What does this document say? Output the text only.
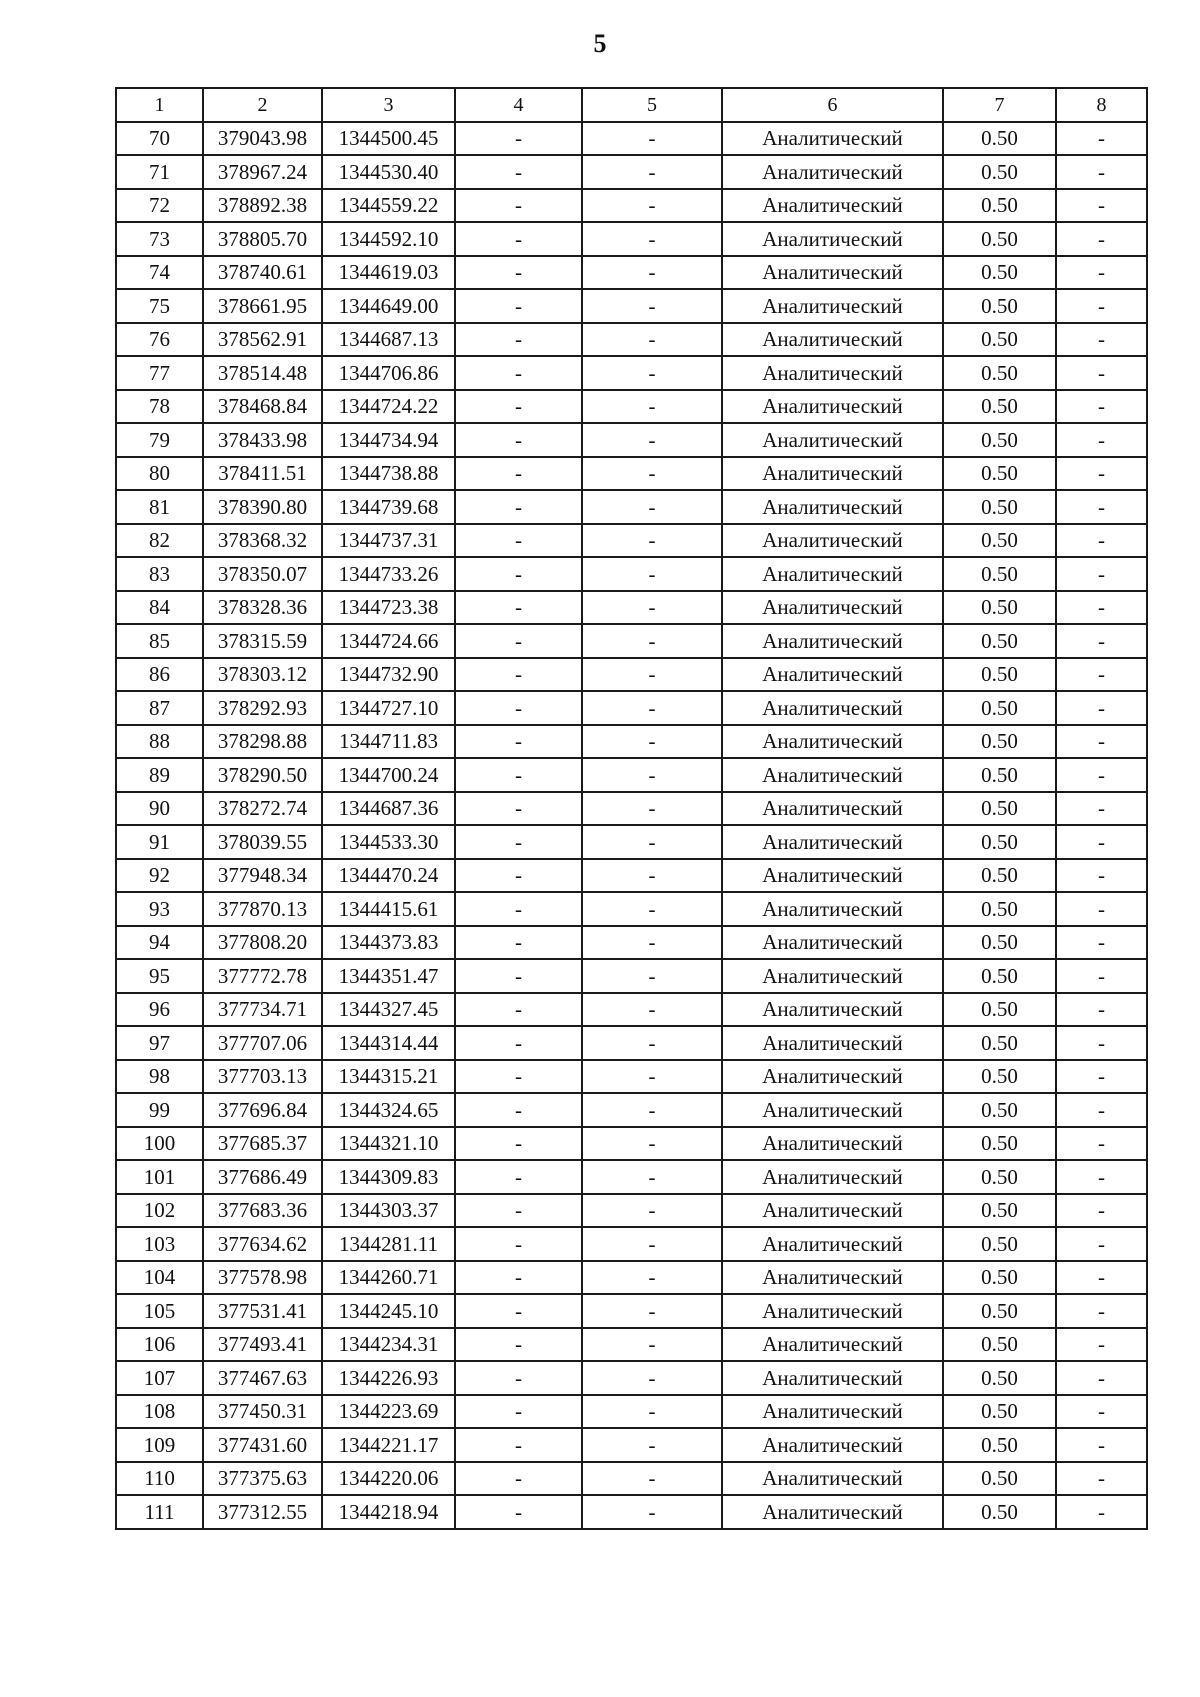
5
1	2	3	4	5	6	7	8
70	379043.98	1344500.45	-	-	Аналитический	0.50	-
71	378967.24	1344530.40	-	-	Аналитический	0.50	-
72	378892.38	1344559.22	-	-	Аналитический	0.50	-
73	378805.70	1344592.10	-	-	Аналитический	0.50	-
74	378740.61	1344619.03	-	-	Аналитический	0.50	-
75	378661.95	1344649.00	-	-	Аналитический	0.50	-
76	378562.91	1344687.13	-	-	Аналитический	0.50	-
77	378514.48	1344706.86	-	-	Аналитический	0.50	-
78	378468.84	1344724.22	-	-	Аналитический	0.50	-
79	378433.98	1344734.94	-	-	Аналитический	0.50	-
80	378411.51	1344738.88	-	-	Аналитический	0.50	-
81	378390.80	1344739.68	-	-	Аналитический	0.50	-
82	378368.32	1344737.31	-	-	Аналитический	0.50	-
83	378350.07	1344733.26	-	-	Аналитический	0.50	-
84	378328.36	1344723.38	-	-	Аналитический	0.50	-
85	378315.59	1344724.66	-	-	Аналитический	0.50	-
86	378303.12	1344732.90	-	-	Аналитический	0.50	-
87	378292.93	1344727.10	-	-	Аналитический	0.50	-
88	378298.88	1344711.83	-	-	Аналитический	0.50	-
89	378290.50	1344700.24	-	-	Аналитический	0.50	-
90	378272.74	1344687.36	-	-	Аналитический	0.50	-
91	378039.55	1344533.30	-	-	Аналитический	0.50	-
92	377948.34	1344470.24	-	-	Аналитический	0.50	-
93	377870.13	1344415.61	-	-	Аналитический	0.50	-
94	377808.20	1344373.83	-	-	Аналитический	0.50	-
95	377772.78	1344351.47	-	-	Аналитический	0.50	-
96	377734.71	1344327.45	-	-	Аналитический	0.50	-
97	377707.06	1344314.44	-	-	Аналитический	0.50	-
98	377703.13	1344315.21	-	-	Аналитический	0.50	-
99	377696.84	1344324.65	-	-	Аналитический	0.50	-
100	377685.37	1344321.10	-	-	Аналитический	0.50	-
101	377686.49	1344309.83	-	-	Аналитический	0.50	-
102	377683.36	1344303.37	-	-	Аналитический	0.50	-
103	377634.62	1344281.11	-	-	Аналитический	0.50	-
104	377578.98	1344260.71	-	-	Аналитический	0.50	-
105	377531.41	1344245.10	-	-	Аналитический	0.50	-
106	377493.41	1344234.31	-	-	Аналитический	0.50	-
107	377467.63	1344226.93	-	-	Аналитический	0.50	-
108	377450.31	1344223.69	-	-	Аналитический	0.50	-
109	377431.60	1344221.17	-	-	Аналитический	0.50	-
110	377375.63	1344220.06	-	-	Аналитический	0.50	-
111	377312.55	1344218.94	-	-	Аналитический	0.50	-
